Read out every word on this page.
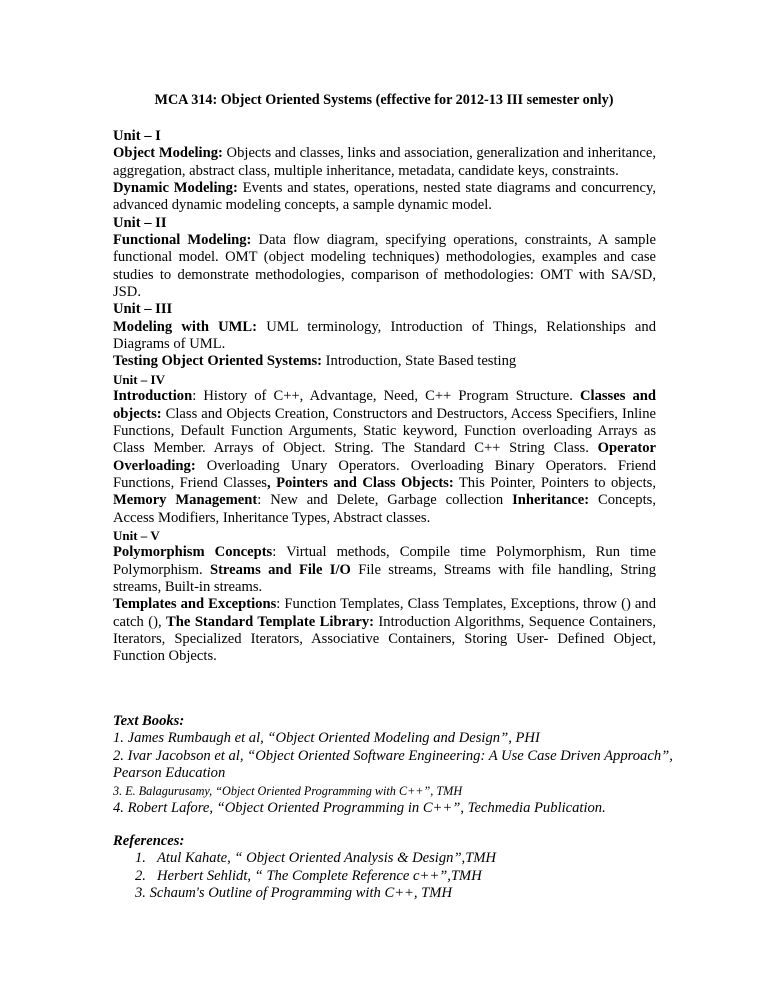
MCA 314: Object Oriented Systems (effective for 2012-13 III semester only)

Unit – I

Object Modeling: Objects and classes, links and association, generalization and inheritance, aggregation, abstract class, multiple inheritance, metadata, candidate keys, constraints.

Dynamic Modeling: Events and states, operations, nested state diagrams and concurrency, advanced dynamic modeling concepts, a sample dynamic model.

Unit – II

Functional Modeling: Data flow diagram, specifying operations, constraints, A sample functional model. OMT (object modeling techniques) methodologies, examples and case studies to demonstrate methodologies, comparison of methodologies: OMT with SA/SD, JSD.

Unit – III

Modeling with UML: UML terminology, Introduction of Things, Relationships and Diagrams of UML.

Testing Object Oriented Systems: Introduction, State Based testing

Unit – IV

Introduction: History of C++, Advantage, Need, C++ Program Structure. Classes and objects: Class and Objects Creation, Constructors and Destructors, Access Specifiers, Inline Functions, Default Function Arguments, Static keyword, Function overloading Arrays as Class Member. Arrays of Object. String. The Standard C++ String Class. Operator Overloading: Overloading Unary Operators. Overloading Binary Operators. Friend Functions, Friend Classes, Pointers and Class Objects: This Pointer, Pointers to objects, Memory Management: New and Delete, Garbage collection Inheritance: Concepts, Access Modifiers, Inheritance Types, Abstract classes.

Unit – V

Polymorphism Concepts: Virtual methods, Compile time Polymorphism, Run time Polymorphism. Streams and File I/O File streams, Streams with file handling, String streams, Built-in streams.

Templates and Exceptions: Function Templates, Class Templates, Exceptions, throw () and catch (), The Standard Template Library: Introduction Algorithms, Sequence Containers, Iterators, Specialized Iterators, Associative Containers, Storing User- Defined Object, Function Objects.

Text Books:

1. James Rumbaugh et al, “Object Oriented Modeling and Design”, PHI

2. Ivar Jacobson et al, “Object Oriented Software Engineering: A Use Case Driven Approach”, Pearson Education

3. E. Balagurusamy, “Object Oriented Programming with C++”, TMH

4. Robert Lafore, “Object Oriented Programming in C++”, Techmedia Publication.

References:

1. Atul Kahate, “ Object Oriented Analysis & Design”,TMH

2. Herbert Sehlidt, “ The Complete Reference c++”,TMH

3. Schaum's Outline of Programming with C++, TMH
